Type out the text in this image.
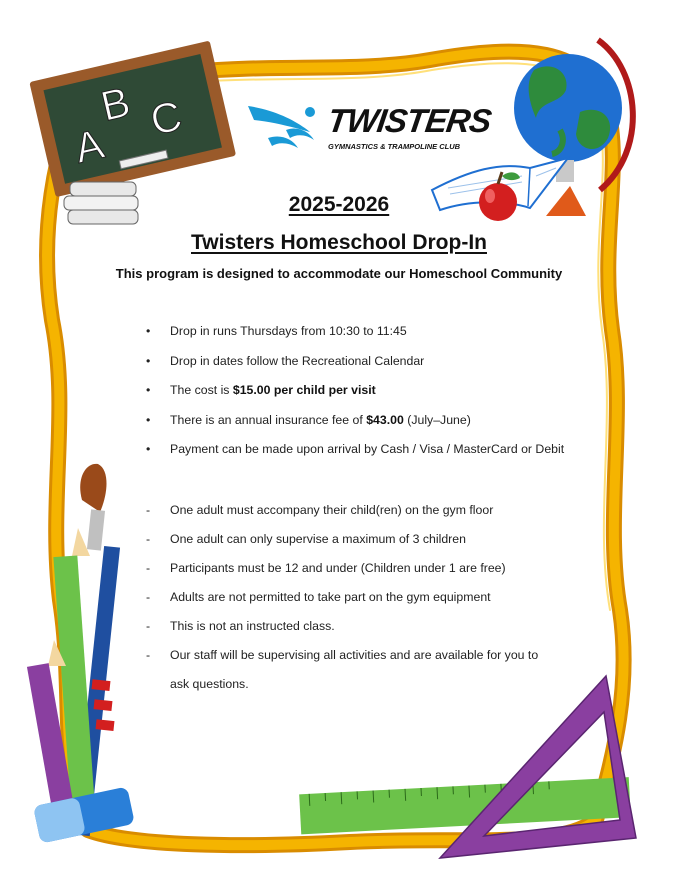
A
B C	TWISTERS
GYMNASTICS & TRAMPOLINE CLUB
2025-2026
Twisters Homeschool Drop-In
This program is designed to accommodate our Homeschool Community
• Drop in runs Thursdays from 10:30 to 11:45
• Drop in dates follow the Recreational Calendar
• The cost is $15.00 per child per visit
• There is an annual insurance fee of $43.00 (July–June)
• Payment can be made upon arrival by Cash / Visa / MasterCard or Debit
- One adult must accompany their child(ren) on the gym floor
- One adult can only supervise a maximum of 3 children
- Participants must be 12 and under (Children under 1 are free)
- Adults are not permitted to take part on the gym equipment
- This is not an instructed class.
- Our staff will be supervising all activities and are available for you to ask questions.
